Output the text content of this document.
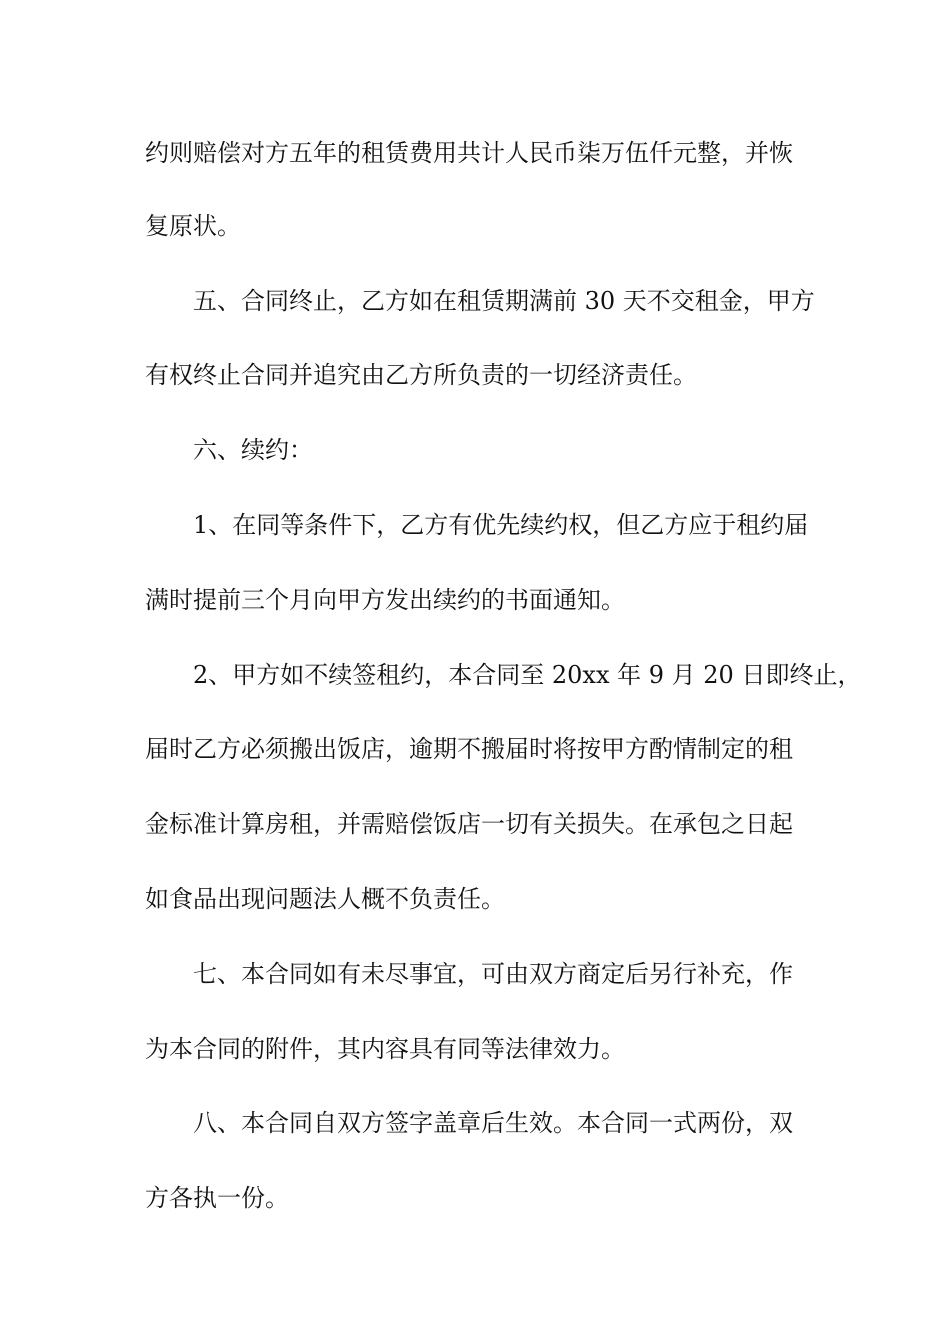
约则赔偿对方五年的租赁费用共计人民币柒万伍仟元整，并恢
复原状。
五、合同终止，乙方如在租赁期满前 30 天不交租金，甲方
有权终止合同并追究由乙方所负责的一切经济责任。
六、续约：
1、在同等条件下，乙方有优先续约权，但乙方应于租约届
满时提前三个月向甲方发出续约的书面通知。
2、甲方如不续签租约，本合同至 20xx 年 9 月 20 日即终止，
届时乙方必须搬出饭店，逾期不搬届时将按甲方酌情制定的租
金标准计算房租，并需赔偿饭店一切有关损失。在承包之日起
如食品出现问题法人概不负责任。
七、本合同如有未尽事宜，可由双方商定后另行补充，作
为本合同的附件，其内容具有同等法律效力。
八、本合同自双方签字盖章后生效。本合同一式两份，双
方各执一份。
